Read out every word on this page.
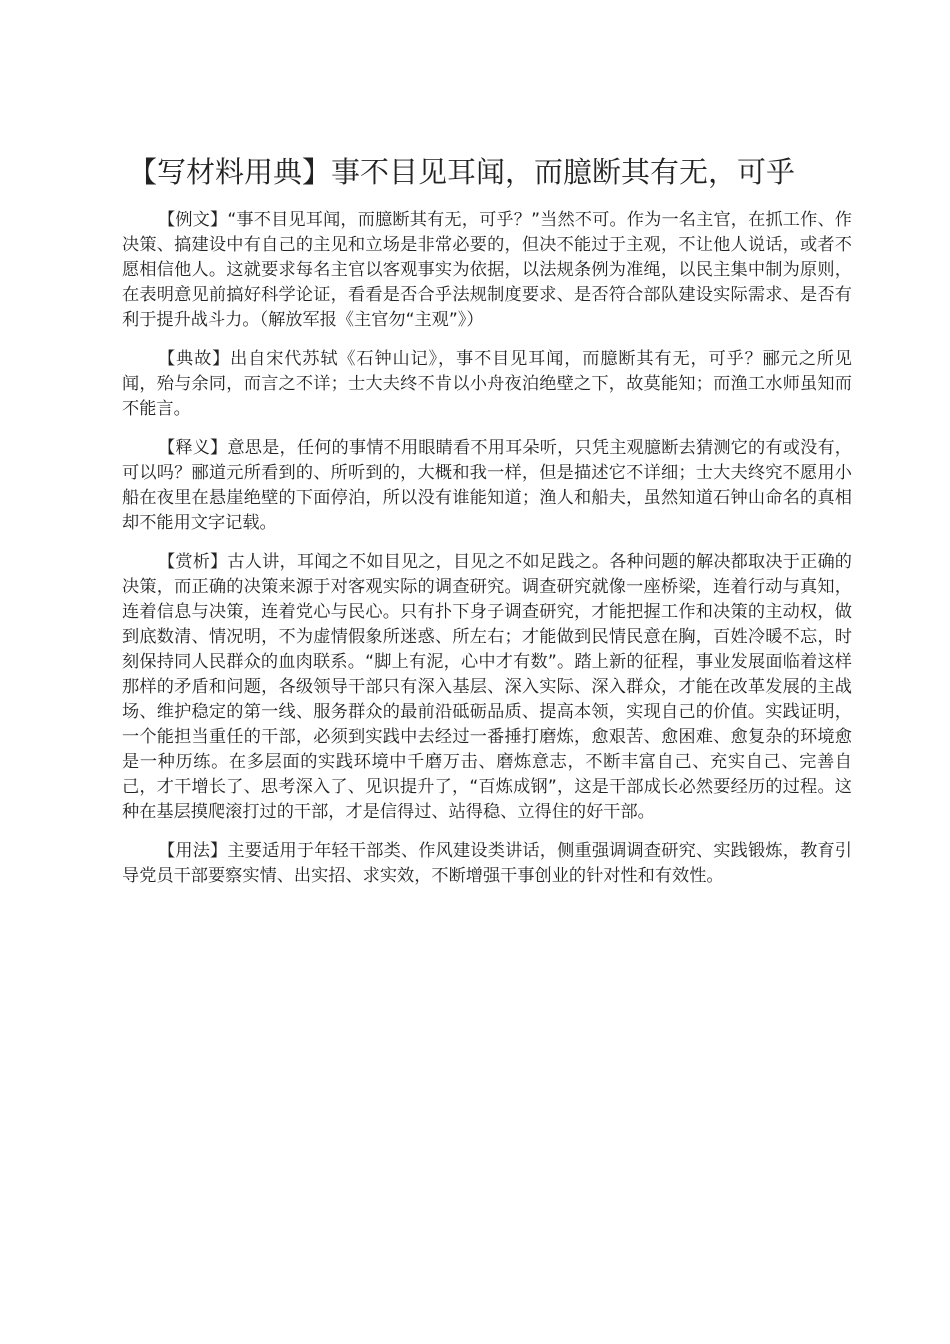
【写材料用典】事不目见耳闻，而臆断其有无，可乎

【例文】“事不目见耳闻，而臆断其有无，可乎？”当然不可。作为一名主官，在抓工作、作决策、搞建设中有自己的主见和立场是非常必要的，但决不能过于主观，不让他人说话，或者不愿相信他人。这就要求每名主官以客观事实为依据，以法规条例为准绳，以民主集中制为原则，在表明意见前搞好科学论证，看看是否合乎法规制度要求、是否符合部队建设实际需求、是否有利于提升战斗力。（解放军报《主官勿“主观”》）

【典故】出自宋代苏轼《石钟山记》，事不目见耳闻，而臆断其有无，可乎？郦元之所见闻，殆与余同，而言之不详；士大夫终不肯以小舟夜泊绝壁之下，故莫能知；而渔工水师虽知而不能言。

【释义】意思是，任何的事情不用眼睛看不用耳朵听，只凭主观臆断去猜测它的有或没有，可以吗？郦道元所看到的、所听到的，大概和我一样，但是描述它不详细；士大夫终究不愿用小船在夜里在悬崖绝壁的下面停泊，所以没有谁能知道；渔人和船夫，虽然知道石钟山命名的真相却不能用文字记载。

【赏析】古人讲，耳闻之不如目见之，目见之不如足践之。各种问题的解决都取决于正确的决策，而正确的决策来源于对客观实际的调查研究。调查研究就像一座桥梁，连着行动与真知，连着信息与决策，连着党心与民心。只有扑下身子调查研究，才能把握工作和决策的主动权，做到底数清、情况明，不为虚情假象所迷惑、所左右；才能做到民情民意在胸，百姓冷暖不忘，时刻保持同人民群众的血肉联系。“脚上有泥，心中才有数”。踏上新的征程，事业发展面临着这样那样的矛盾和问题，各级领导干部只有深入基层、深入实际、深入群众，才能在改革发展的主战场、维护稳定的第一线、服务群众的最前沿砥砺品质、提高本领，实现自己的价值。实践证明，一个能担当重任的干部，必须到实践中去经过一番捶打磨炼，愈艰苦、愈困难、愈复杂的环境愈是一种历练。在多层面的实践环境中千磨万击、磨炼意志，不断丰富自己、充实自己、完善自己，才干增长了、思考深入了、见识提升了，“百炼成钢”，这是干部成长必然要经历的过程。这种在基层摸爬滚打过的干部，才是信得过、站得稳、立得住的好干部。

【用法】主要适用于年轻干部类、作风建设类讲话，侧重强调调查研究、实践锻炼，教育引导党员干部要察实情、出实招、求实效，不断增强干事创业的针对性和有效性。
